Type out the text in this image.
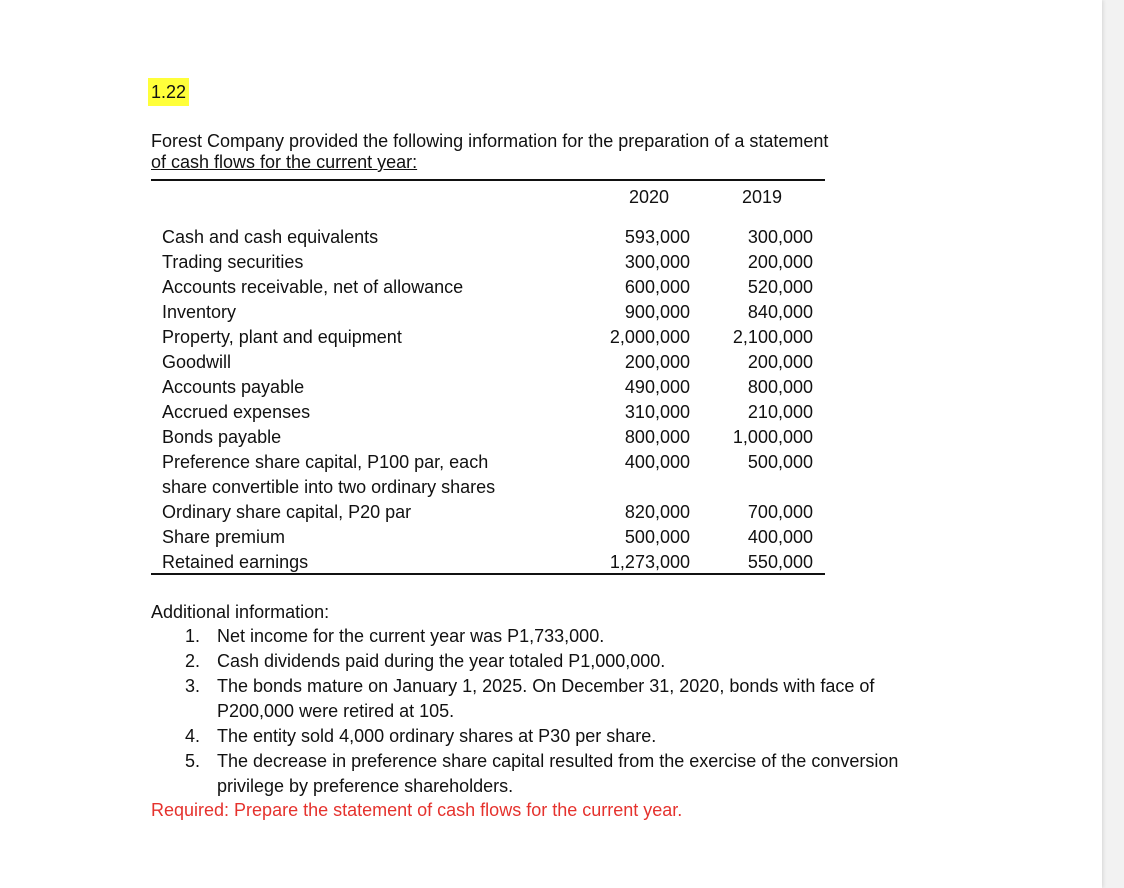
1.22
Forest Company provided the following information for the preparation of a statement
of cash flows for the current year:
2020	2019
Cash and cash equivalents	593,000	300,000
Trading securities	300,000	200,000
Accounts receivable, net of allowance	600,000	520,000
Inventory	900,000	840,000
Property, plant and equipment	2,000,000 2,100,000
Goodwill	200,000	200,000
Accounts payable	490,000	800,000
Accrued expenses	310,000	210,000
Bonds payable	800,000 1,000,000
Preference share capital, P100 par, each
share convertible into two ordinary shares
400,000	500,000
Ordinary share capital, P20 par	820,000	700,000
Share premium	500,000	400,000
Retained earnings	1,273,000	550,000
Additional information:
1. Net income for the current year was P1,733,000.
2. Cash dividends paid during the year totaled P1,000,000.
3. The bonds mature on January 1, 2025. On December 31, 2020, bonds with face of P200,000 were retired at 105.
4. The entity sold 4,000 ordinary shares at P30 per share.
5. The decrease in preference share capital resulted from the exercise of the conversion privilege by preference shareholders.
Required: Prepare the statement of cash flows for the current year.
